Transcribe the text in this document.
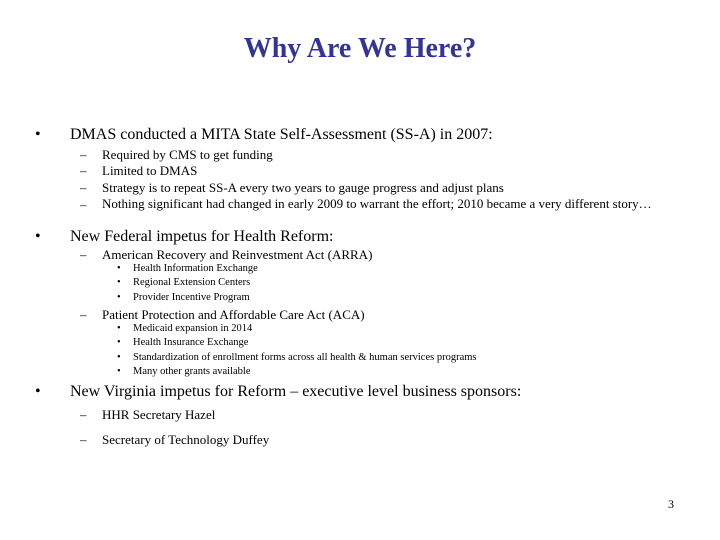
Why Are We Here?
• DMAS conducted a MITA State Self-Assessment (SS-A) in 2007:
– Required by CMS to get funding
– Limited to DMAS
– Strategy is to repeat SS-A every two years to gauge progress and adjust plans
– Nothing significant had changed in early 2009 to warrant the effort; 2010 became a very different story…
• New Federal impetus for Health Reform:
– American Recovery and Reinvestment Act (ARRA)
• Health Information Exchange
• Regional Extension Centers
• Provider Incentive Program
– Patient Protection and Affordable Care Act (ACA)
• Medicaid expansion in 2014
• Health Insurance Exchange
• Standardization of enrollment forms across all health & human services programs
• Many other grants available
• New Virginia impetus for Reform – executive level business sponsors:
– HHR Secretary Hazel
– Secretary of Technology Duffey
3
